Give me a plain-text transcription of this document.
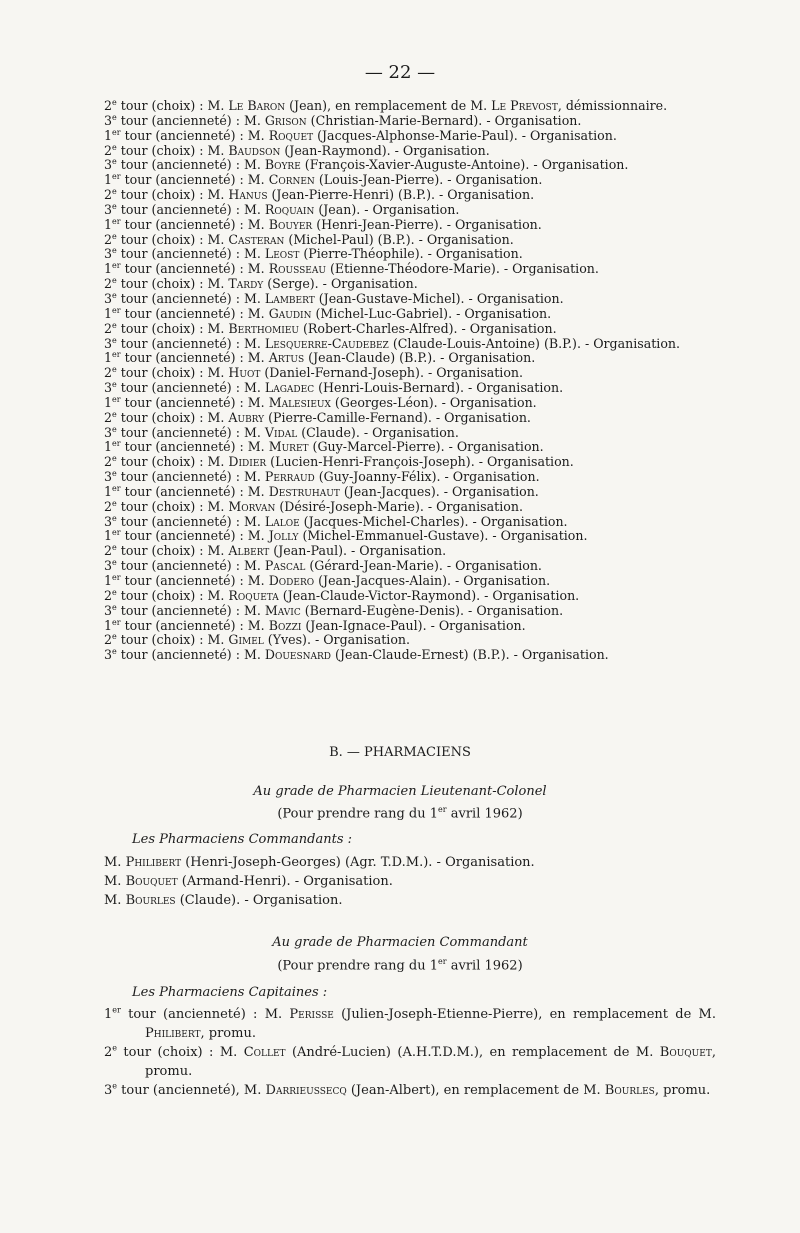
— 22 —
2e tour (choix) : M. Le Baron (Jean), en remplacement de M. Le Prevost, démissionnaire.
3e tour (ancienneté) : M. Grison (Christian-Marie-Bernard). - Organisation.
1er tour (ancienneté) : M. Roquet (Jacques-Alphonse-Marie-Paul). - Organisation.
2e tour (choix) : M. Baudson (Jean-Raymond). - Organisation.
3e tour (ancienneté) : M. Boyre (François-Xavier-Auguste-Antoine). - Organisation.
1er tour (ancienneté) : M. Cornen (Louis-Jean-Pierre). - Organisation.
2e tour (choix) : M. Hanus (Jean-Pierre-Henri) (B.P.). - Organisation.
3e tour (ancienneté) : M. Roquain (Jean). - Organisation.
1er tour (ancienneté) : M. Bouyer (Henri-Jean-Pierre). - Organisation.
2e tour (choix) : M. Casteran (Michel-Paul) (B.P.). - Organisation.
3e tour (ancienneté) : M. Leost (Pierre-Théophile). - Organisation.
1er tour (ancienneté) : M. Rousseau (Etienne-Théodore-Marie). - Organisation.
2e tour (choix) : M. Tardy (Serge). - Organisation.
3e tour (ancienneté) : M. Lambert (Jean-Gustave-Michel). - Organisation.
1er tour (ancienneté) : M. Gaudin (Michel-Luc-Gabriel). - Organisation.
2e tour (choix) : M. Berthomieu (Robert-Charles-Alfred). - Organisation.
3e tour (ancienneté) : M. Lesquerre-Caudebez (Claude-Louis-Antoine) (B.P.). - Organisation.
1er tour (ancienneté) : M. Artus (Jean-Claude) (B.P.). - Organisation.
2e tour (choix) : M. Huot (Daniel-Fernand-Joseph). - Organisation.
3e tour (ancienneté) : M. Lagadec (Henri-Louis-Bernard). - Organisation.
1er tour (ancienneté) : M. Malesieux (Georges-Léon). - Organisation.
2e tour (choix) : M. Aubry (Pierre-Camille-Fernand). - Organisation.
3e tour (ancienneté) : M. Vidal (Claude). - Organisation.
1er tour (ancienneté) : M. Muret (Guy-Marcel-Pierre). - Organisation.
2e tour (choix) : M. Didier (Lucien-Henri-François-Joseph). - Organisation.
3e tour (ancienneté) : M. Perraud (Guy-Joanny-Félix). - Organisation.
1er tour (ancienneté) : M. Destruhaut (Jean-Jacques). - Organisation.
2e tour (choix) : M. Morvan (Désiré-Joseph-Marie). - Organisation.
3e tour (ancienneté) : M. Laloe (Jacques-Michel-Charles). - Organisation.
1er tour (ancienneté) : M. Jolly (Michel-Emmanuel-Gustave). - Organisation.
2e tour (choix) : M. Albert (Jean-Paul). - Organisation.
3e tour (ancienneté) : M. Pascal (Gérard-Jean-Marie). - Organisation.
1er tour (ancienneté) : M. Dodero (Jean-Jacques-Alain). - Organisation.
2e tour (choix) : M. Roqueta (Jean-Claude-Victor-Raymond). - Organisation.
3e tour (ancienneté) : M. Mavic (Bernard-Eugène-Denis). - Organisation.
1er tour (ancienneté) : M. Bozzi (Jean-Ignace-Paul). - Organisation.
2e tour (choix) : M. Gimel (Yves). - Organisation.
3e tour (ancienneté) : M. Douesnard (Jean-Claude-Ernest) (B.P.). - Organisation.
B. — PHARMACIENS
Au grade de Pharmacien Lieutenant-Colonel
(Pour prendre rang du 1er avril 1962)
Les Pharmaciens Commandants :
M. Philibert (Henri-Joseph-Georges) (Agr. T.D.M.). - Organisation.
M. Bouquet (Armand-Henri). - Organisation.
M. Bourles (Claude). - Organisation.
Au grade de Pharmacien Commandant
(Pour prendre rang du 1er avril 1962)
Les Pharmaciens Capitaines :
1er tour (ancienneté) : M. Perisse (Julien-Joseph-Etienne-Pierre), en remplacement de M. Philibert, promu.
2e tour (choix) : M. Collet (André-Lucien) (A.H.T.D.M.), en remplacement de M. Bouquet, promu.
3e tour (ancienneté), M. Darrieussecq (Jean-Albert), en remplacement de M. Bourles, promu.
